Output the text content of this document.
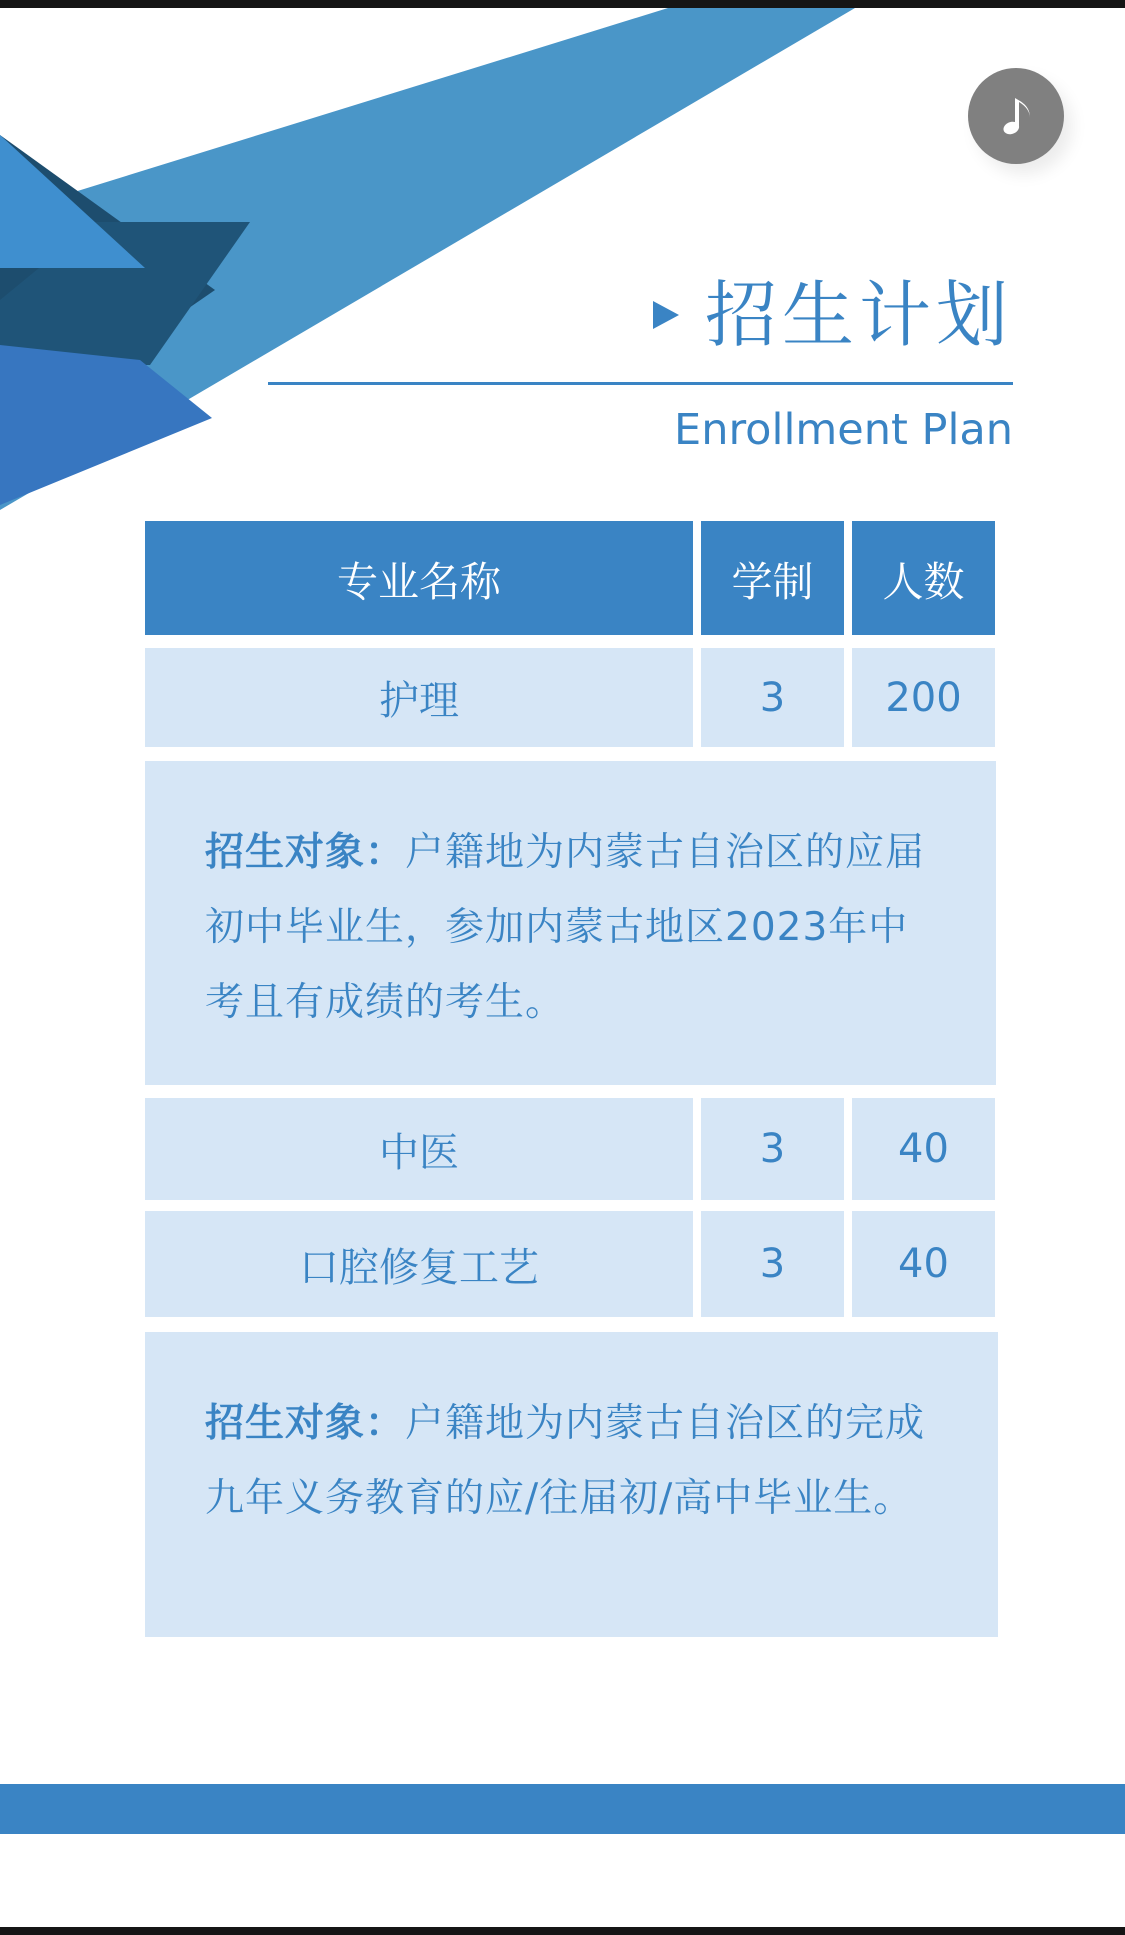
招生计划
Enrollment Plan
专业名称	学制	人数
护理	3	200
招生对象：户籍地为内蒙古自治区的应届初中毕业生，参加内蒙古地区2023年中考且有成绩的考生。
中医	3	40
口腔修复工艺	3	40
招生对象：户籍地为内蒙古自治区的完成九年义务教育的应/往届初/高中毕业生。
